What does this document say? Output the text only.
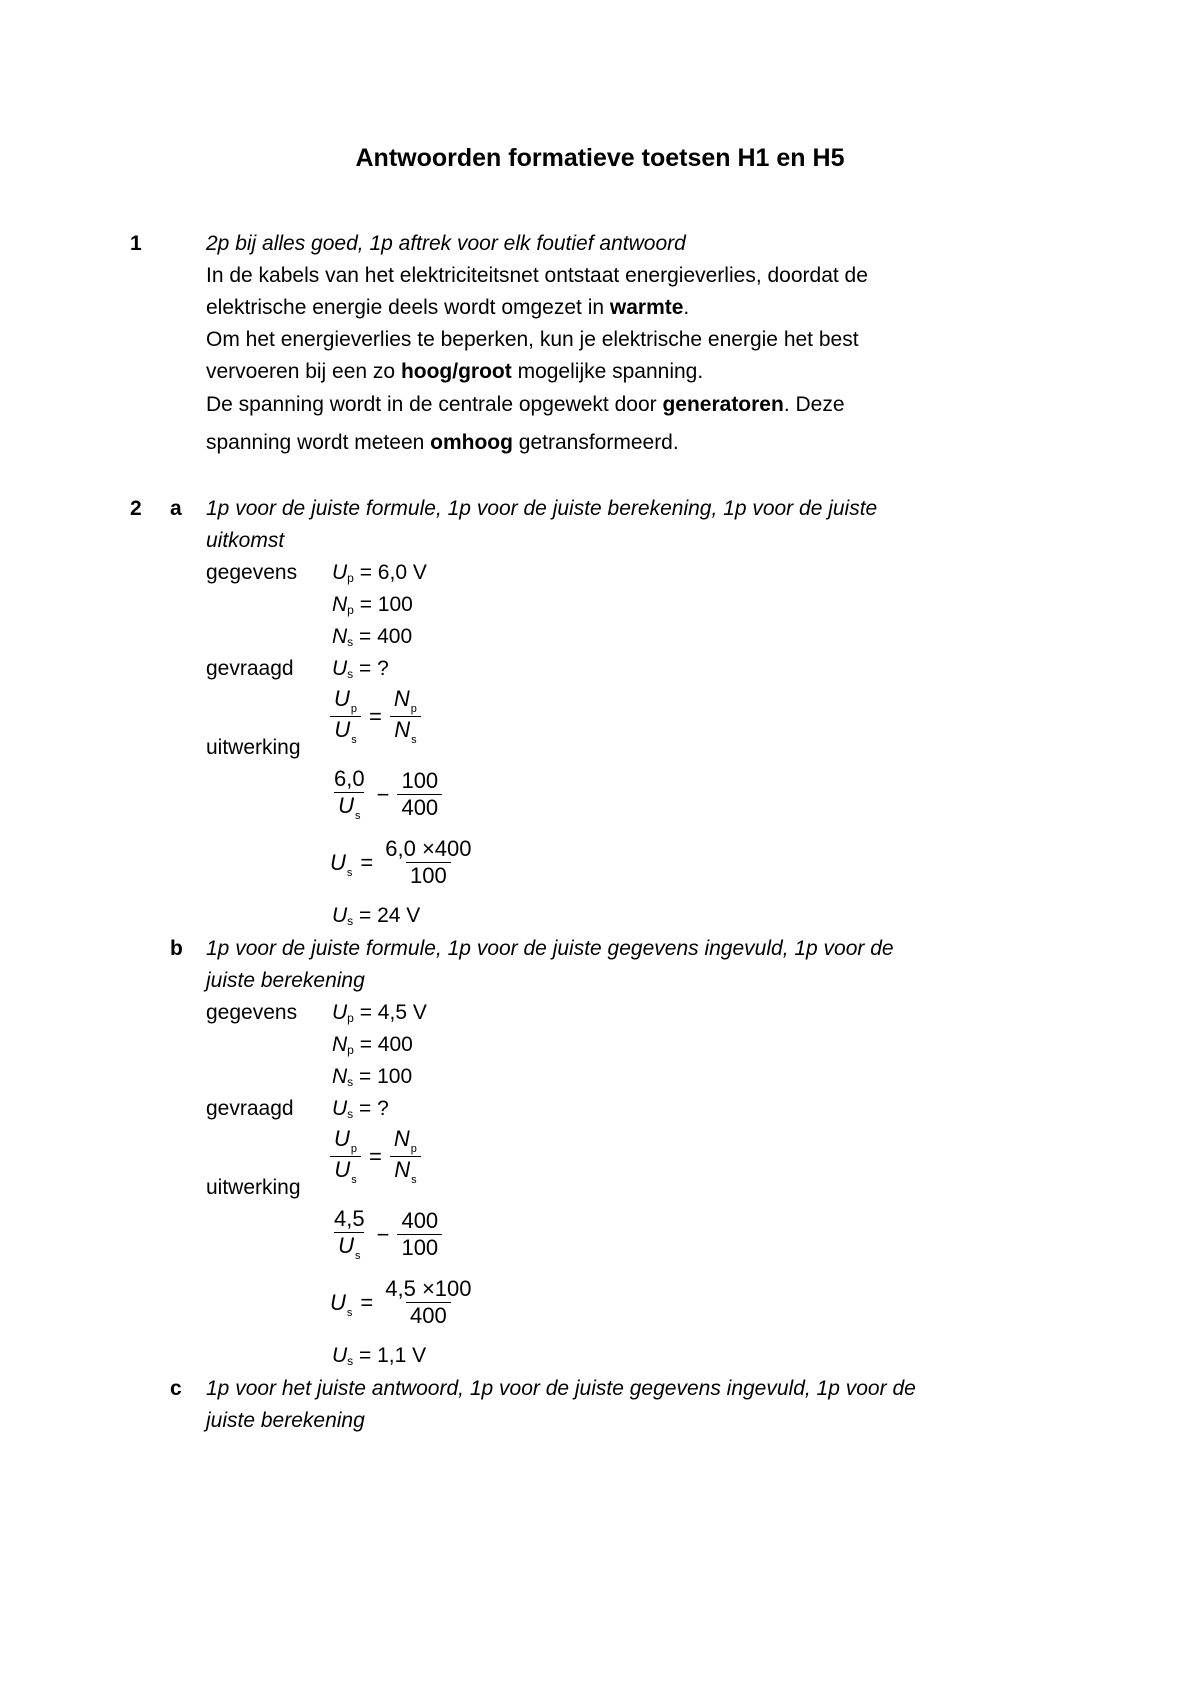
Antwoorden formatieve toetsen H1 en H5
1	2p bij alles goed, 1p aftrek voor elk foutief antwoord
In de kabels van het elektriciteitsnet ontstaat energieverlies, doordat de
elektrische energie deels wordt omgezet in warmte.
Om het energieverlies te beperken, kun je elektrische energie het best
vervoeren bij een zo hoog/groot mogelijke spanning.
De spanning wordt in de centrale opgewekt door generatoren. Deze
spanning wordt meteen omhoog getransformeerd.
2 a 1p voor de juiste formule, 1p voor de juiste berekening, 1p voor de juiste
uitkomst
gegevens Up = 6,0 V
Np = 100
Ns = 400
gevraagd Us = ?
uitwerking
$\frac{U_p}{U_s} = \frac{N_p}{N_s}$
$\frac{6,0}{U_s} - \frac{100}{400}$
$U_s = \frac{6,0 \times 400}{100}$
Us = 24 V
b 1p voor de juiste formule, 1p voor de juiste gegevens ingevuld, 1p voor de
juiste berekening
gegevens Up = 4,5 V
Np = 400
Ns = 100
gevraagd Us = ?
uitwerking
$\frac{U_p}{U_s} = \frac{N_p}{N_s}$
$\frac{4,5}{U_s} - \frac{400}{100}$
$U_s = \frac{4,5 \times 100}{400}$
Us = 1,1 V
c 1p voor het juiste antwoord, 1p voor de juiste gegevens ingevuld, 1p voor de
juiste berekening
